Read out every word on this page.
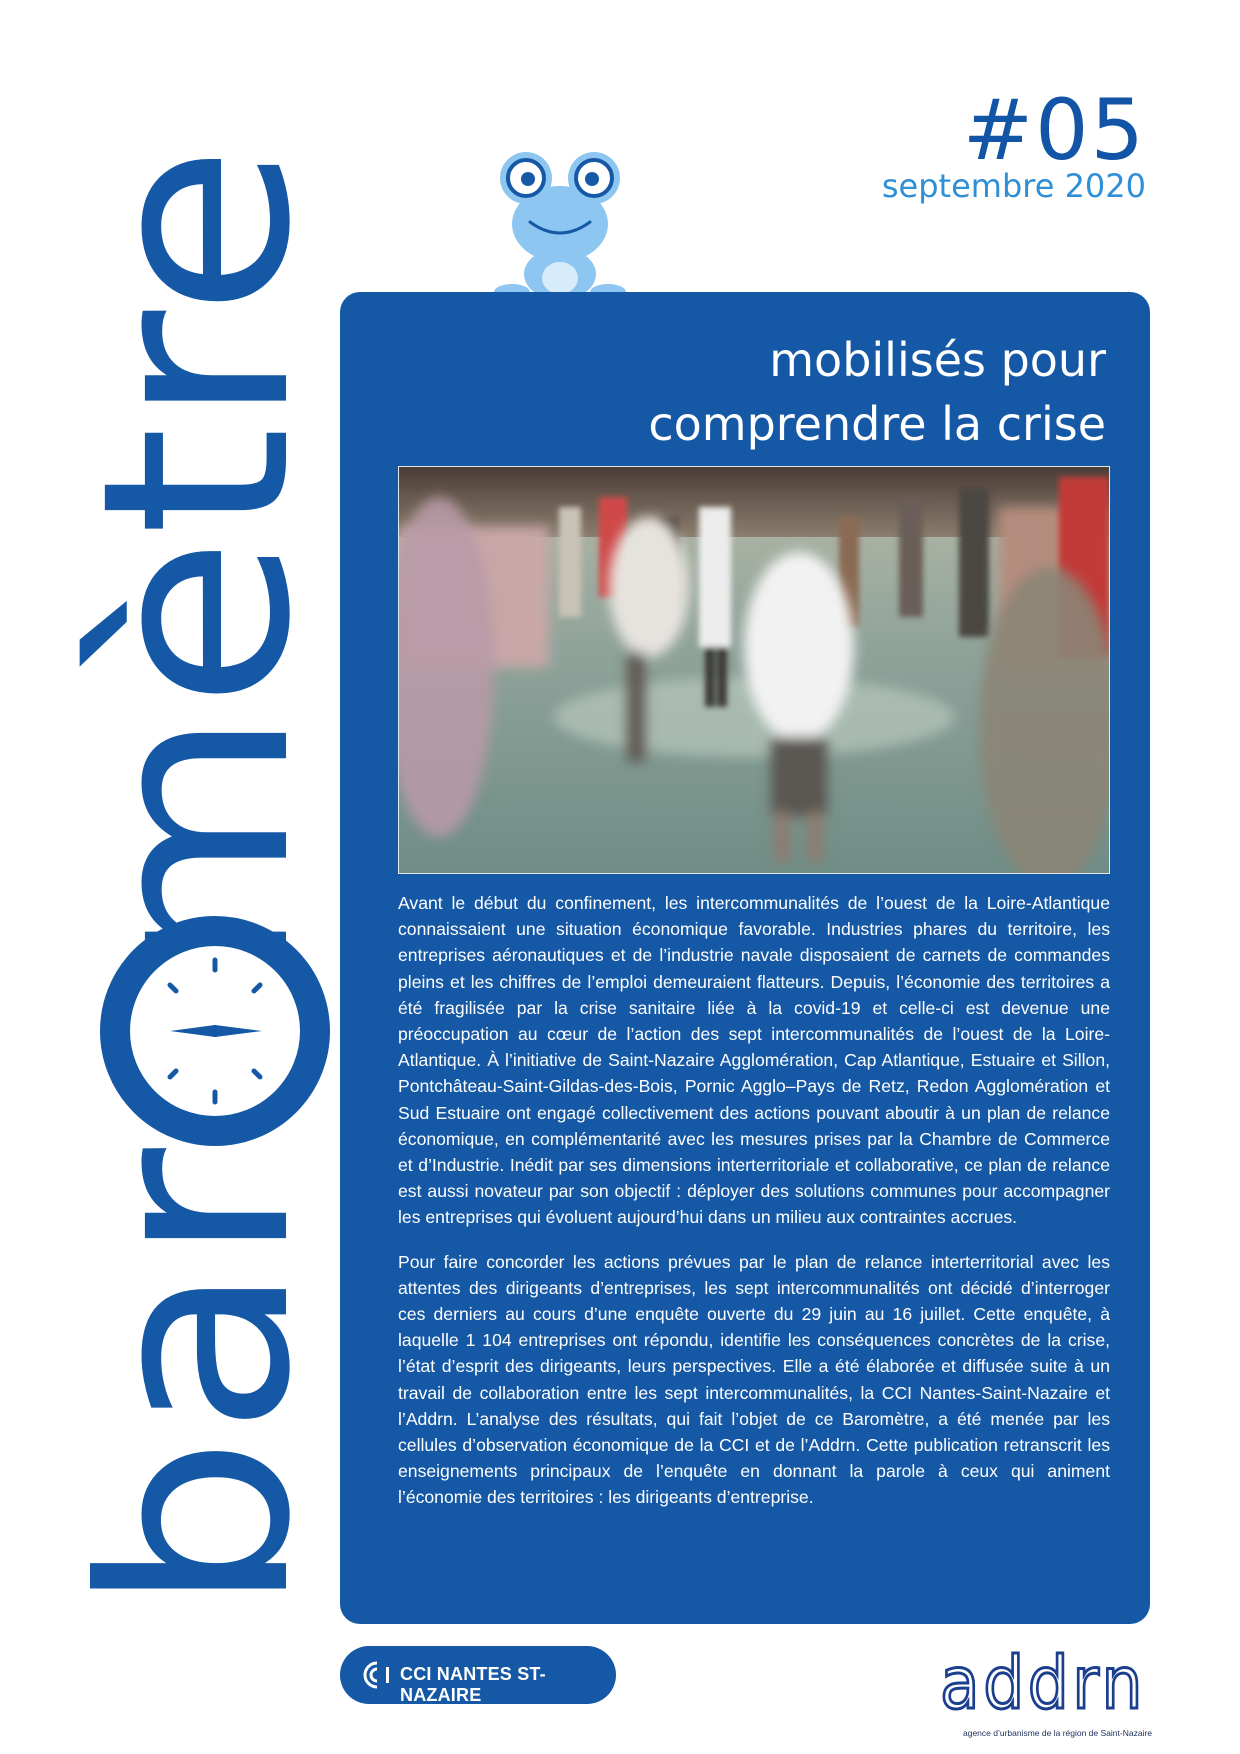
#05
septembre 2020
mobilisés pour
comprendre la crise

Avant le début du confinement, les intercommunalités de l’ouest de la Loire-Atlantique connaissaient une situation économique favorable. Industries phares du territoire, les entreprises aéronautiques et de l’industrie navale disposaient de carnets de commandes pleins et les chiffres de l’emploi demeuraient flatteurs. Depuis, l’économie des territoires a été fragilisée par la crise sanitaire liée à la covid-19 et celle-ci est devenue une préoccupation au cœur de l’action des sept intercommunalités de l’ouest de la Loire-Atlantique. À l’initiative de Saint-Nazaire Agglomération, Cap Atlantique, Estuaire et Sillon, Pontchâteau-Saint-Gildas-des-Bois, Pornic Agglo–Pays de Retz, Redon Agglomération et Sud Estuaire ont engagé collectivement des actions pouvant aboutir à un plan de relance économique, en complémentarité avec les mesures prises par la Chambre de Commerce et d’Industrie. Inédit par ses dimensions interterritoriale et collaborative, ce plan de relance est aussi novateur par son objectif : déployer des solutions communes pour accompagner les entreprises qui évoluent aujourd’hui dans un milieu aux contraintes accrues.

Pour faire concorder les actions prévues par le plan de relance interterritorial avec les attentes des dirigeants d’entreprises, les sept intercommunalités ont décidé d’interroger ces derniers au cours d’une enquête ouverte du 29 juin au 16 juillet. Cette enquête, à laquelle 1 104 entreprises ont répondu, identifie les conséquences concrètes de la crise, l’état d’esprit des dirigeants, leurs perspectives. Elle a été élaborée et diffusée suite à un travail de collaboration entre les sept intercommunalités, la CCI Nantes-Saint-Nazaire et l’Addrn. L’analyse des résultats, qui fait l’objet de ce Baromètre, a été menée par les cellules d’observation économique de la CCI et de l’Addrn. Cette publication retranscrit les enseignements principaux de l’enquête en donnant la parole à ceux qui animent l’économie des territoires : les dirigeants d’entreprise.

CCI NANTES ST-NAZAIRE	addrn
agence d’urbanisme de la région de Saint-Nazaire
